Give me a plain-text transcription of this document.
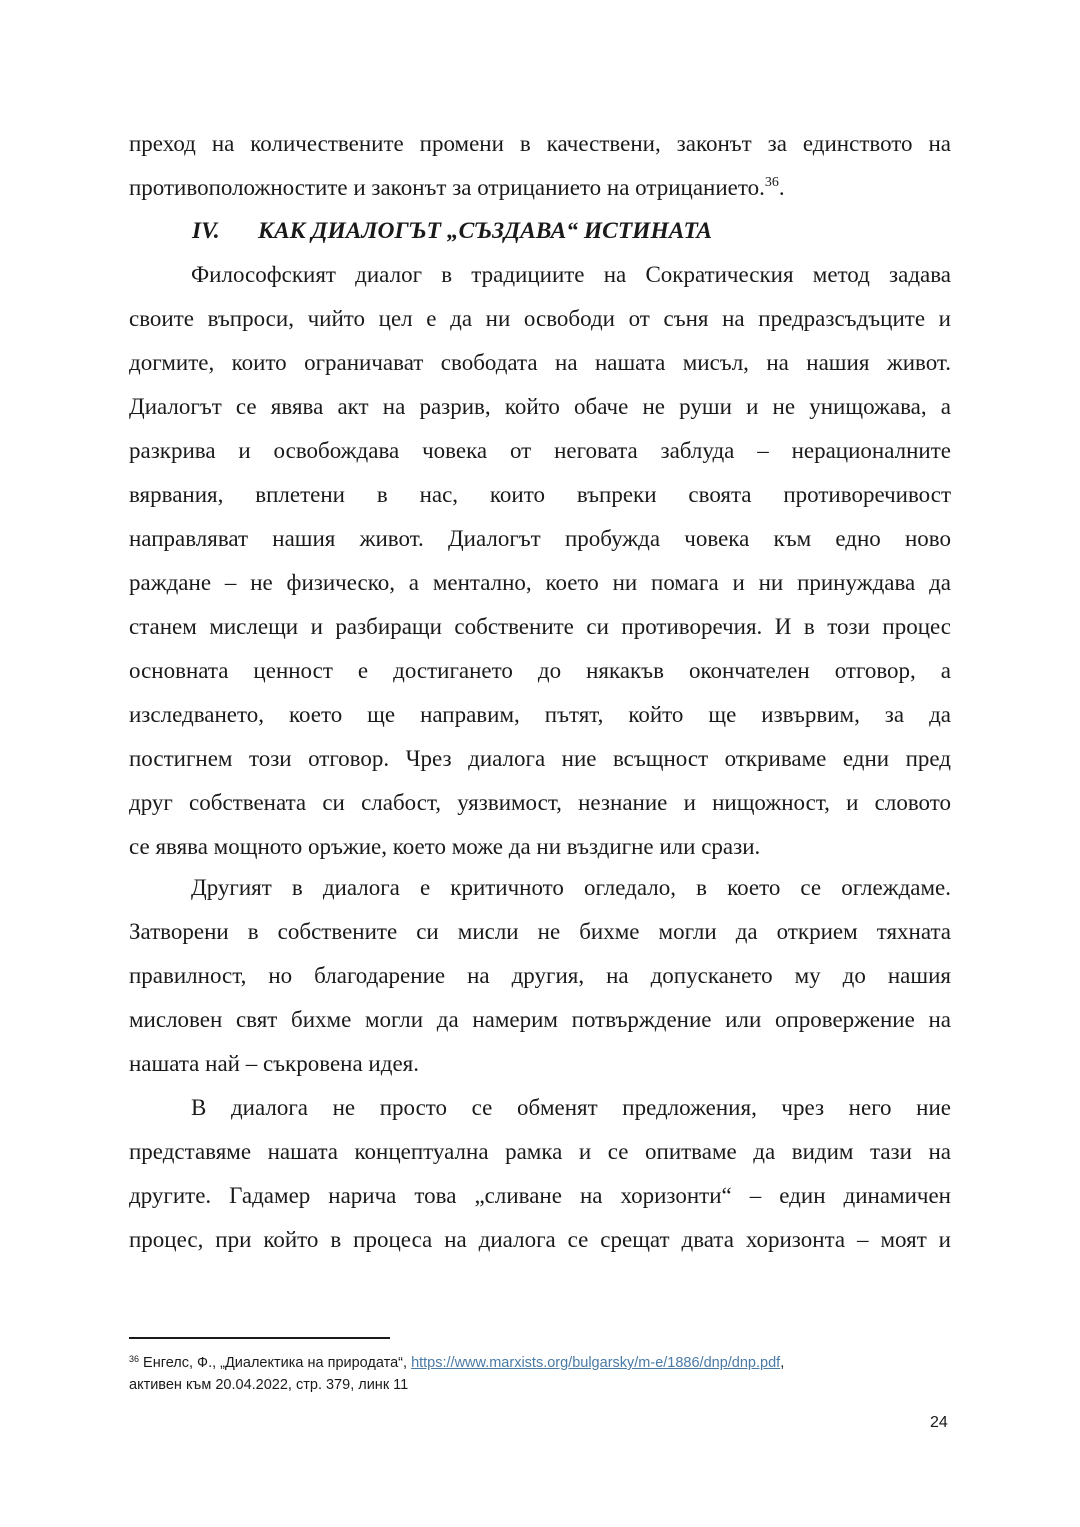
преход на количествените промени в качествени, законът за единството на
противоположностите и законът за отрицанието на отрицанието.$^{36}$.
IV. КАК ДИАЛОГЪТ „СЪЗДАВА“ ИСТИНАТА
Философският диалог в традициите на Сократическия метод задава
своите въпроси, чийто цел е да ни освободи от съня на предразсъдъците и
догмите, които ограничават свободата на нашата мисъл, на нашия живот.
Диалогът се явява акт на разрив, който обаче не руши и не унищожава, а
разкрива и освобождава човека от неговата заблуда – нерационалните
вярвания, вплетени в нас, които въпреки своята противоречивост
направляват нашия живот. Диалогът пробужда човека към едно ново
раждане – не физическо, а ментално, което ни помага и ни принуждава да
станем мислещи и разбиращи собствените си противоречия. И в този процес
основната ценност е достигането до някакъв окончателен отговор, а
изследването, което ще направим, пътят, който ще извървим, за да
постигнем този отговор. Чрез диалога ние всъщност откриваме едни пред
друг собствената си слабост, уязвимост, незнание и нищожност, и словото
се явява мощното оръжие, което може да ни въздигне или срази.
Другият в диалога е критичното огледало, в което се оглеждаме.
Затворени в собствените си мисли не бихме могли да открием тяхната
правилност, но благодарение на другия, на допускането му до нашия
мисловен свят бихме могли да намерим потвърждение или опровержение на
нашата най – съкровена идея.
В диалога не просто се обменят предложения, чрез него ние
представяме нашата концептуална рамка и се опитваме да видим тази на
другите. Гадамер нарича това „сливане на хоризонти“ – един динамичен
процес, при който в процеса на диалога се срещат двата хоризонта – моят и
$^{36}$ Енгелс, Ф., „Диалектика на природата“, https://www.marxists.org/bulgarsky/m-e/1886/dnp/dnp.pdf,
активен към 20.04.2022, стр. 379, линк 11
24
